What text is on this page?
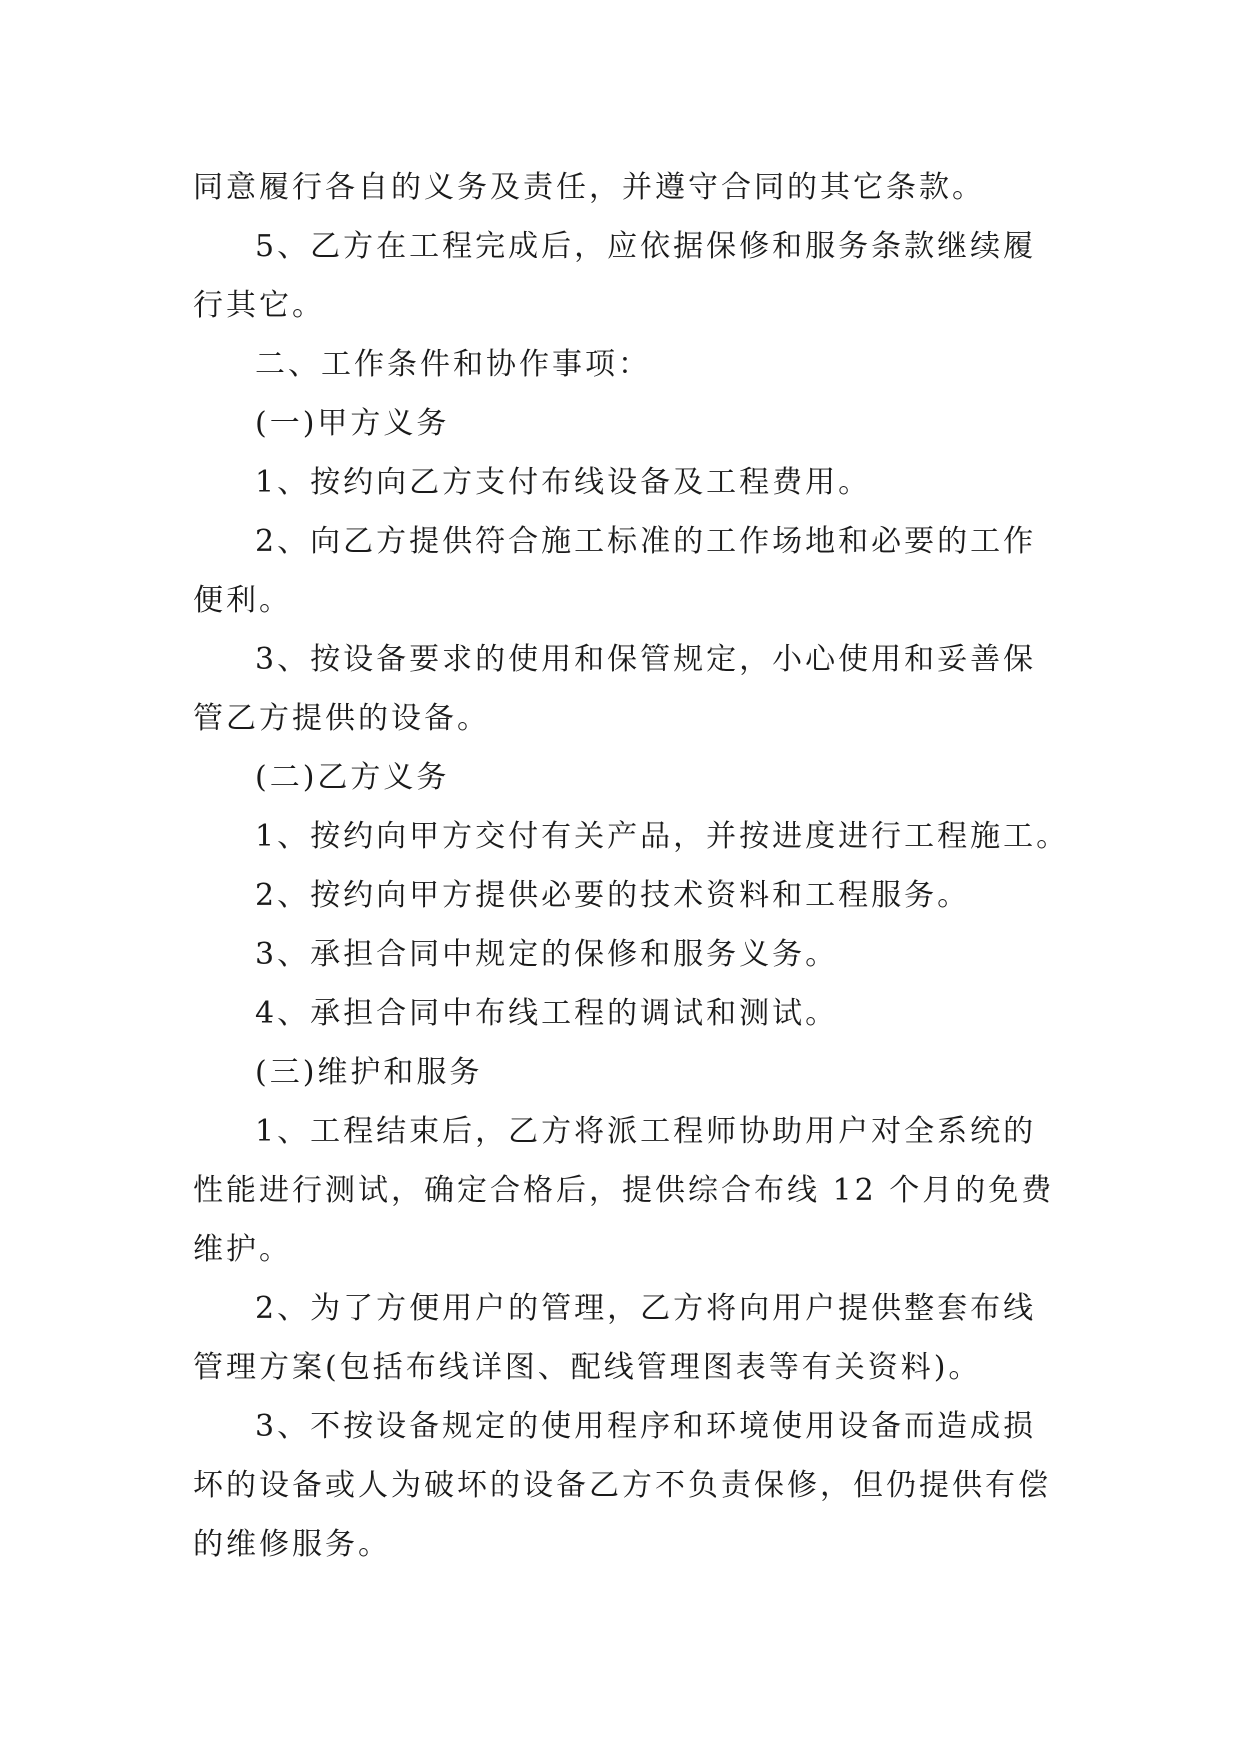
同意履行各自的义务及责任，并遵守合同的其它条款。

5、乙方在工程完成后，应依据保修和服务条款继续履

行其它。

二、工作条件和协作事项：

(一)甲方义务

1、按约向乙方支付布线设备及工程费用。

2、向乙方提供符合施工标准的工作场地和必要的工作

便利。

3、按设备要求的使用和保管规定，小心使用和妥善保

管乙方提供的设备。

(二)乙方义务

1、按约向甲方交付有关产品，并按进度进行工程施工。

2、按约向甲方提供必要的技术资料和工程服务。

3、承担合同中规定的保修和服务义务。

4、承担合同中布线工程的调试和测试。

(三)维护和服务

1、工程结束后，乙方将派工程师协助用户对全系统的

性能进行测试，确定合格后，提供综合布线 12 个月的免费

维护。

2、为了方便用户的管理，乙方将向用户提供整套布线

管理方案(包括布线详图、配线管理图表等有关资料)。

3、不按设备规定的使用程序和环境使用设备而造成损

坏的设备或人为破坏的设备乙方不负责保修，但仍提供有偿

的维修服务。
